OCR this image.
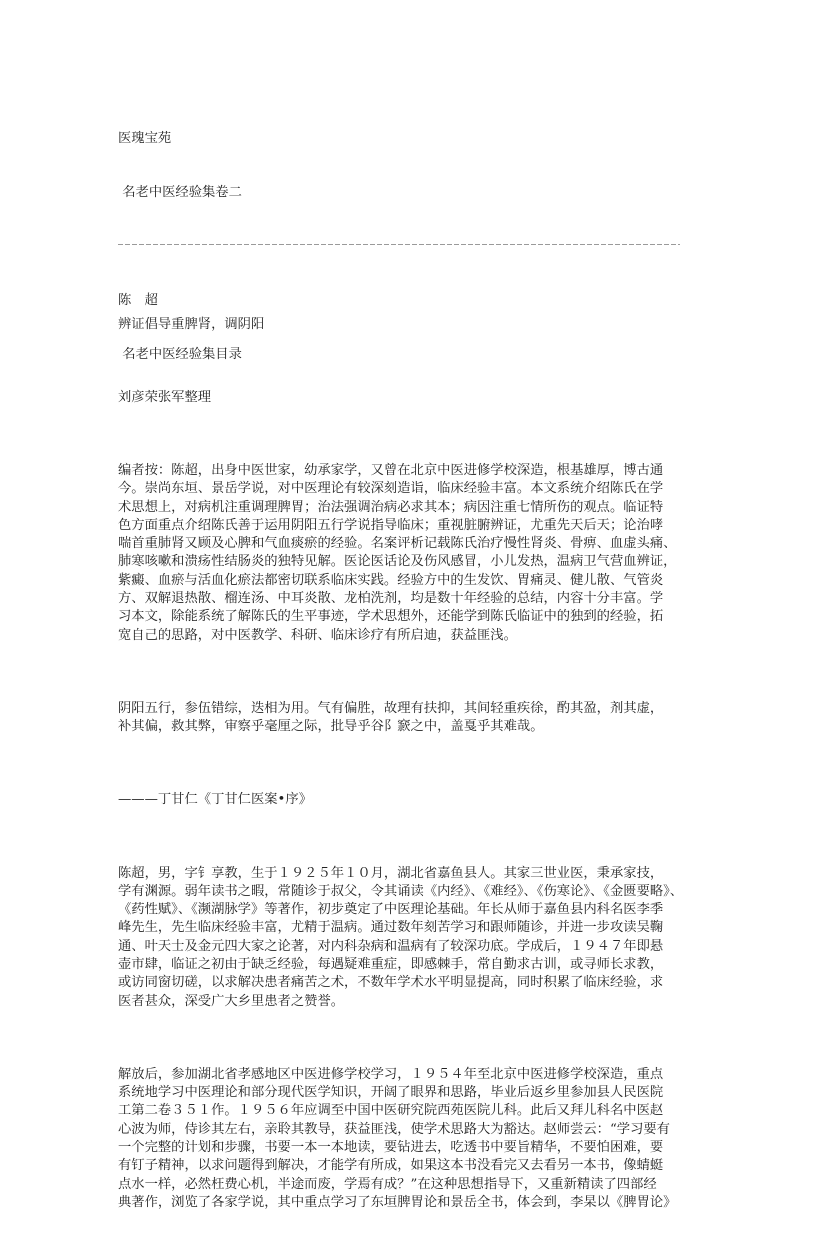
医瑰宝苑

名老中医经验集卷二

陈　超

名老中医经验集目录

辨证倡导重脾肾，调阴阳

刘彦荣张军整理

编者按：陈超，出身中医世家，幼承家学，又曾在北京中医进修学校深造，根基雄厚，博古通
今。崇尚东垣、景岳学说，对中医理论有较深刻造诣，临床经验丰富。本文系统介绍陈氏在学
术思想上，对病机注重调理脾胃；治法强调治病必求其本；病因注重七情所伤的观点。临证特
色方面重点介绍陈氏善于运用阴阳五行学说指导临床；重视脏腑辨证，尤重先天后天；论治哮
喘首重肺肾又顾及心脾和气血痰瘀的经验。名案评析记载陈氏治疗慢性肾炎、骨痹、血虚头痛、
肺寒咳嗽和溃疡性结肠炎的独特见解。医论医话论及伤风感冒，小儿发热，温病卫气营血辨证，
紫癜、血瘀与活血化瘀法都密切联系临床实践。经验方中的生发饮、胃痛灵、健儿散、气管炎
方、双解退热散、榴连汤、中耳炎散、龙柏洗剂，均是数十年经验的总结，内容十分丰富。学
习本文，除能系统了解陈氏的生平事迹，学术思想外，还能学到陈氏临证中的独到的经验，拓
宽自己的思路，对中医教学、科研、临床诊疗有所启迪，获益匪浅。

阴阳五行，参伍错综，迭相为用。气有偏胜，故理有扶抑，其间轻重疾徐，酌其盈，剂其虚，
补其偏，救其弊，审察乎毫厘之际，批导乎谷阝窾之中，盖戛乎其难哉。

———丁甘仁《丁甘仁医案•序》

陈超，男，字钅享教，生于１９２５年１０月，湖北省嘉鱼县人。其家三世业医，秉承家技，
学有渊源。弱年读书之暇，常随诊于叔父，令其诵读《内经》、《难经》、《伤寒论》、《金匮要略》、
《药性赋》、《濒湖脉学》等著作，初步奠定了中医理论基础。年长从师于嘉鱼县内科名医李季
峰先生，先生临床经验丰富，尤精于温病。通过数年刻苦学习和跟师随诊，并进一步攻读吴鞠
通、叶天士及金元四大家之论著，对内科杂病和温病有了较深功底。学成后，１９４７年即悬
壶市肆，临证之初由于缺乏经验，每遇疑难重症，即感棘手，常自勤求古训，或寻师长求教，
或访同窗切磋，以求解决患者痛苦之术，不数年学术水平明显提高，同时积累了临床经验，求
医者甚众，深受广大乡里患者之赞誉。

解放后，参加湖北省孝感地区中医进修学校学习，１９５４年至北京中医进修学校深造，重点
系统地学习中医理论和部分现代医学知识，开阔了眼界和思路，毕业后返乡里参加县人民医院
工第二卷３５１作。１９５６年应调至中国中医研究院西苑医院儿科。此后又拜儿科名中医赵
心波为师，侍诊其左右，亲聆其教导，获益匪浅，使学术思路大为豁达。赵师尝云：“学习要有
一个完整的计划和步骤，书要一本一本地读，要钻进去，吃透书中要旨精华，不要怕困难，要
有钉子精神，以求问题得到解决，才能学有所成，如果这本书没看完又去看另一本书，像蜻蜓
点水一样，必然枉费心机，半途而废，学焉有成？”在这种思想指导下，又重新精读了四部经
典著作，浏览了各家学说，其中重点学习了东垣脾胃论和景岳全书，体会到，李杲以《脾胃论》
